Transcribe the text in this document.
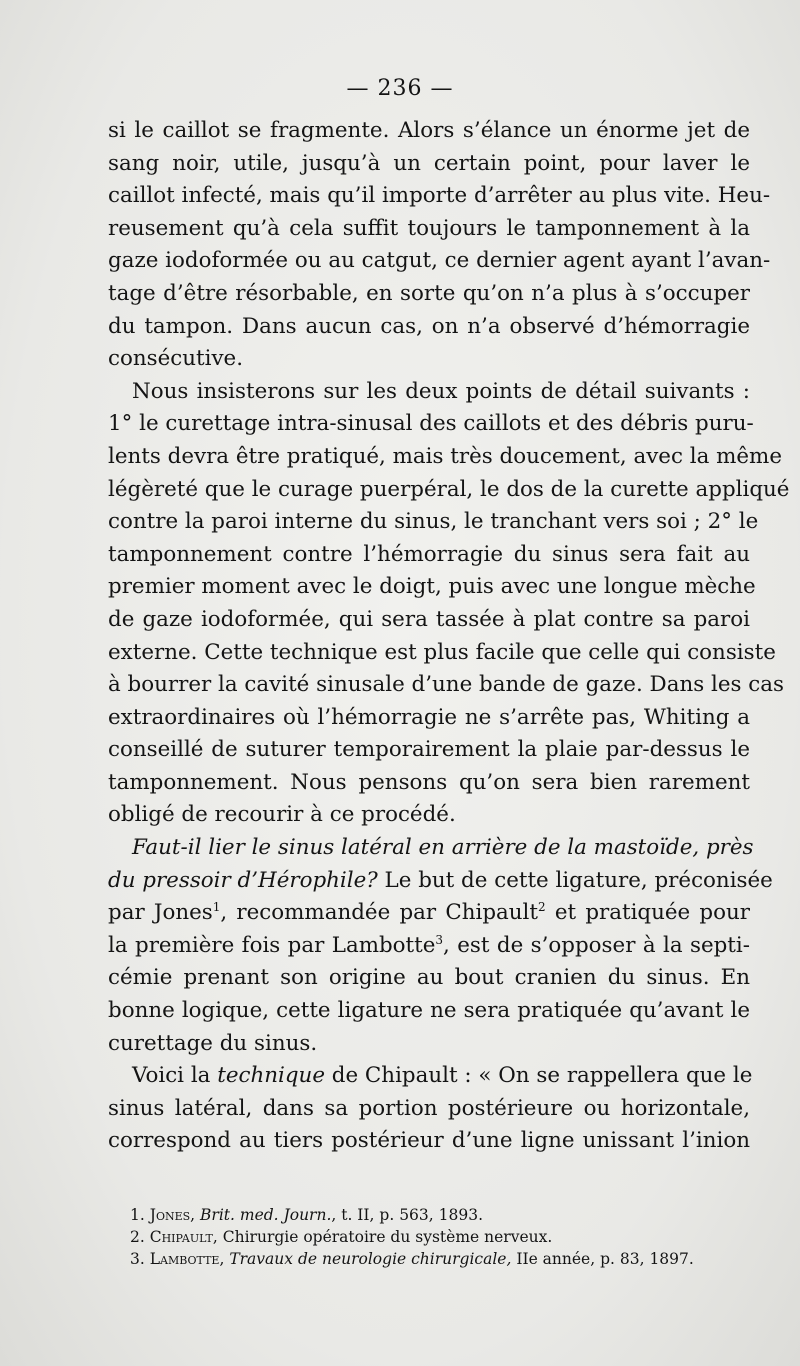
— 236 —
si le caillot se fragmente. Alors s’élance un énorme jet de
sang noir, utile, jusqu’à un certain point, pour laver le
caillot infecté, mais qu’il importe d’arrêter au plus vite. Heu-
reusement qu’à cela suffit toujours le tamponnement à la
gaze iodoformée ou au catgut, ce dernier agent ayant l’avan-
tage d’être résorbable, en sorte qu’on n’a plus à s’occuper
du tampon. Dans aucun cas, on n’a observé d’hémorragie
consécutive.
Nous insisterons sur les deux points de détail suivants :
1° le curettage intra-sinusal des caillots et des débris puru-
lents devra être pratiqué, mais très doucement, avec la même
légèreté que le curage puerpéral, le dos de la curette appliqué
contre la paroi interne du sinus, le tranchant vers soi ; 2° le
tamponnement contre l’hémorragie du sinus sera fait au
premier moment avec le doigt, puis avec une longue mèche
de gaze iodoformée, qui sera tassée à plat contre sa paroi
externe. Cette technique est plus facile que celle qui consiste
à bourrer la cavité sinusale d’une bande de gaze. Dans les cas
extraordinaires où l’hémorragie ne s’arrête pas, Whiting a
conseillé de suturer temporairement la plaie par-dessus le
tamponnement. Nous pensons qu’on sera bien rarement
obligé de recourir à ce procédé.
Faut-il lier le sinus latéral en arrière de la mastoïde, près
du pressoir d’Hérophile? Le but de cette ligature, préconisée
par Jones$^1$, recommandée par Chipault$^2$ et pratiquée pour
la première fois par Lambotte$^3$, est de s’opposer à la septi-
cémie prenant son origine au bout cranien du sinus. En
bonne logique, cette ligature ne sera pratiquée qu’avant le
curettage du sinus.
Voici la technique de Chipault : « On se rappellera que le
sinus latéral, dans sa portion postérieure ou horizontale,
correspond au tiers postérieur d’une ligne unissant l’inion
1. Jones, Brit. med. Journ., t. II, p. 563, 1893.
2. Chipault, Chirurgie opératoire du système nerveux.
3. Lambotte, Travaux de neurologie chirurgicale, IIe année, p. 83, 1897.
